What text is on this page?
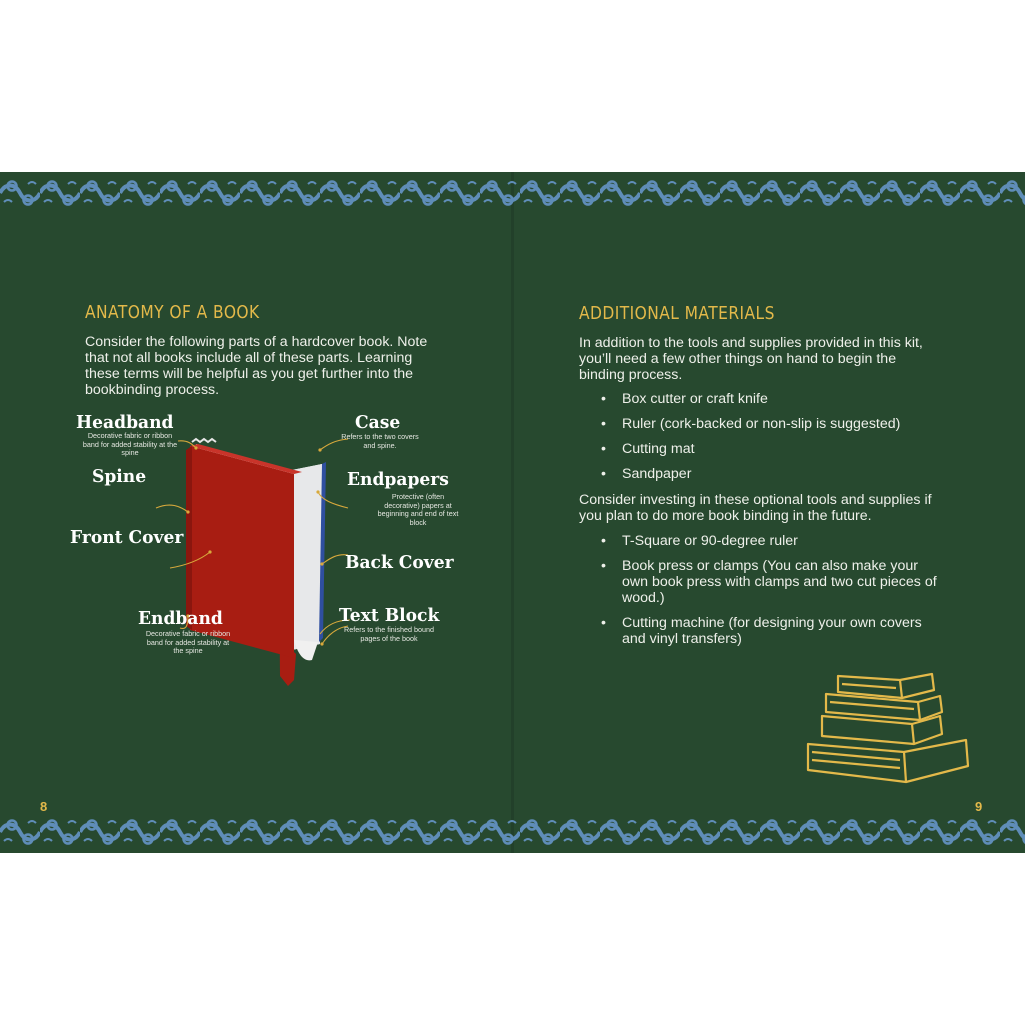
ANATOMY OF A BOOK
Consider the following parts of a hardcover book. Note that not all books include all of these parts. Learning these terms will be helpful as you get further into the bookbinding process.
Headband
Decorative fabric or ribbon band for added stability at the spine
Spine
Front Cover
Endband
Decorative fabric or ribbon band for added stability at the spine
Case
Refers to the two covers and spine.
Endpapers
Protective (often decorative) papers at beginning and end of text block
Back Cover
Text Block
Refers to the finished bound pages of the book
8
ADDITIONAL MATERIALS
In addition to the tools and supplies provided in this kit, you’ll need a few other things on hand to begin the binding process.
• Box cutter or craft knife
• Ruler (cork-backed or non-slip is suggested)
• Cutting mat
• Sandpaper
Consider investing in these optional tools and supplies if you plan to do more book binding in the future.
• T-Square or 90-degree ruler
• Book press or clamps (You can also make your own book press with clamps and two cut pieces of wood.)
• Cutting machine (for designing your own covers and vinyl transfers)
9
